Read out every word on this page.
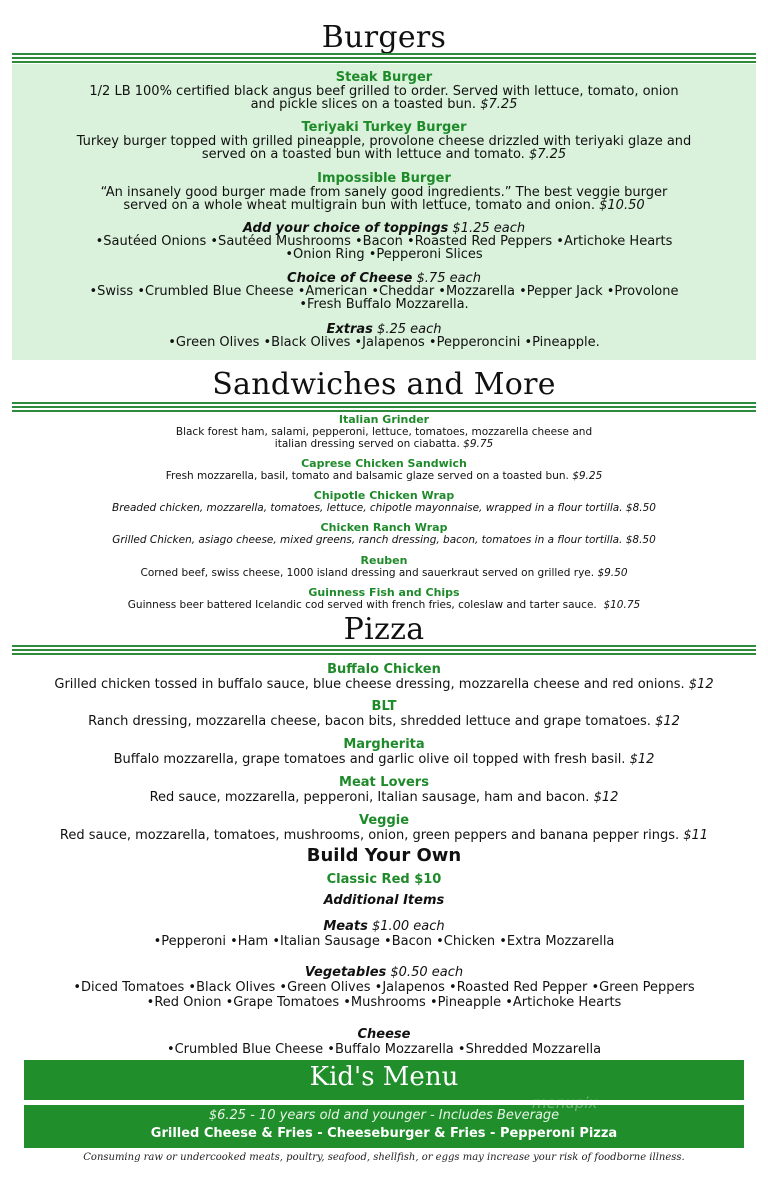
Burgers
Steak Burger
1/2 LB 100% certified black angus beef grilled to order. Served with lettuce, tomato, onion
and pickle slices on a toasted bun. $7.25
Teriyaki Turkey Burger
Turkey burger topped with grilled pineapple, provolone cheese drizzled with teriyaki glaze and
served on a toasted bun with lettuce and tomato. $7.25
Impossible Burger
“An insanely good burger made from sanely good ingredients.” The best veggie burger
served on a whole wheat multigrain bun with lettuce, tomato and onion. $10.50
Add your choice of toppings $1.25 each
•Sautéed Onions •Sautéed Mushrooms •Bacon •Roasted Red Peppers •Artichoke Hearts
•Onion Ring •Pepperoni Slices
Choice of Cheese $.75 each
•Swiss •Crumbled Blue Cheese •American •Cheddar •Mozzarella •Pepper Jack •Provolone
•Fresh Buffalo Mozzarella.
Extras $.25 each
•Green Olives •Black Olives •Jalapenos •Pepperoncini •Pineapple.
Sandwiches and More
Italian Grinder
Black forest ham, salami, pepperoni, lettuce, tomatoes, mozzarella cheese and
italian dressing served on ciabatta. $9.75
Caprese Chicken Sandwich
Fresh mozzarella, basil, tomato and balsamic glaze served on a toasted bun. $9.25
Chipotle Chicken Wrap
Breaded chicken, mozzarella, tomatoes, lettuce, chipotle mayonnaise, wrapped in a flour tortilla. $8.50
Chicken Ranch Wrap
Grilled Chicken, asiago cheese, mixed greens, ranch dressing, bacon, tomatoes in a flour tortilla. $8.50
Reuben
Corned beef, swiss cheese, 1000 island dressing and sauerkraut served on grilled rye. $9.50
Guinness Fish and Chips
Guinness beer battered Icelandic cod served with french fries, coleslaw and tarter sauce. $10.75
Pizza
Buffalo Chicken
Grilled chicken tossed in buffalo sauce, blue cheese dressing, mozzarella cheese and red onions. $12
BLT
Ranch dressing, mozzarella cheese, bacon bits, shredded lettuce and grape tomatoes. $12
Margherita
Buffalo mozzarella, grape tomatoes and garlic olive oil topped with fresh basil. $12
Meat Lovers
Red sauce, mozzarella, pepperoni, Italian sausage, ham and bacon. $12
Veggie
Red sauce, mozzarella, tomatoes, mushrooms, onion, green peppers and banana pepper rings. $11
Build Your Own
Classic Red $10
Additional Items
Meats $1.00 each
•Pepperoni •Ham •Italian Sausage •Bacon •Chicken •Extra Mozzarella
Vegetables $0.50 each
•Diced Tomatoes •Black Olives •Green Olives •Jalapenos •Roasted Red Pepper •Green Peppers
•Red Onion •Grape Tomatoes •Mushrooms •Pineapple •Artichoke Hearts
Cheese
•Crumbled Blue Cheese •Buffalo Mozzarella •Shredded Mozzarella
Kid's Menu
$6.25 - 10 years old and younger - Includes Beverage
Grilled Cheese & Fries - Cheeseburger & Fries - Pepperoni Pizza
menupix
Consuming raw or undercooked meats, poultry, seafood, shellfish, or eggs may increase your risk of foodborne illness.
